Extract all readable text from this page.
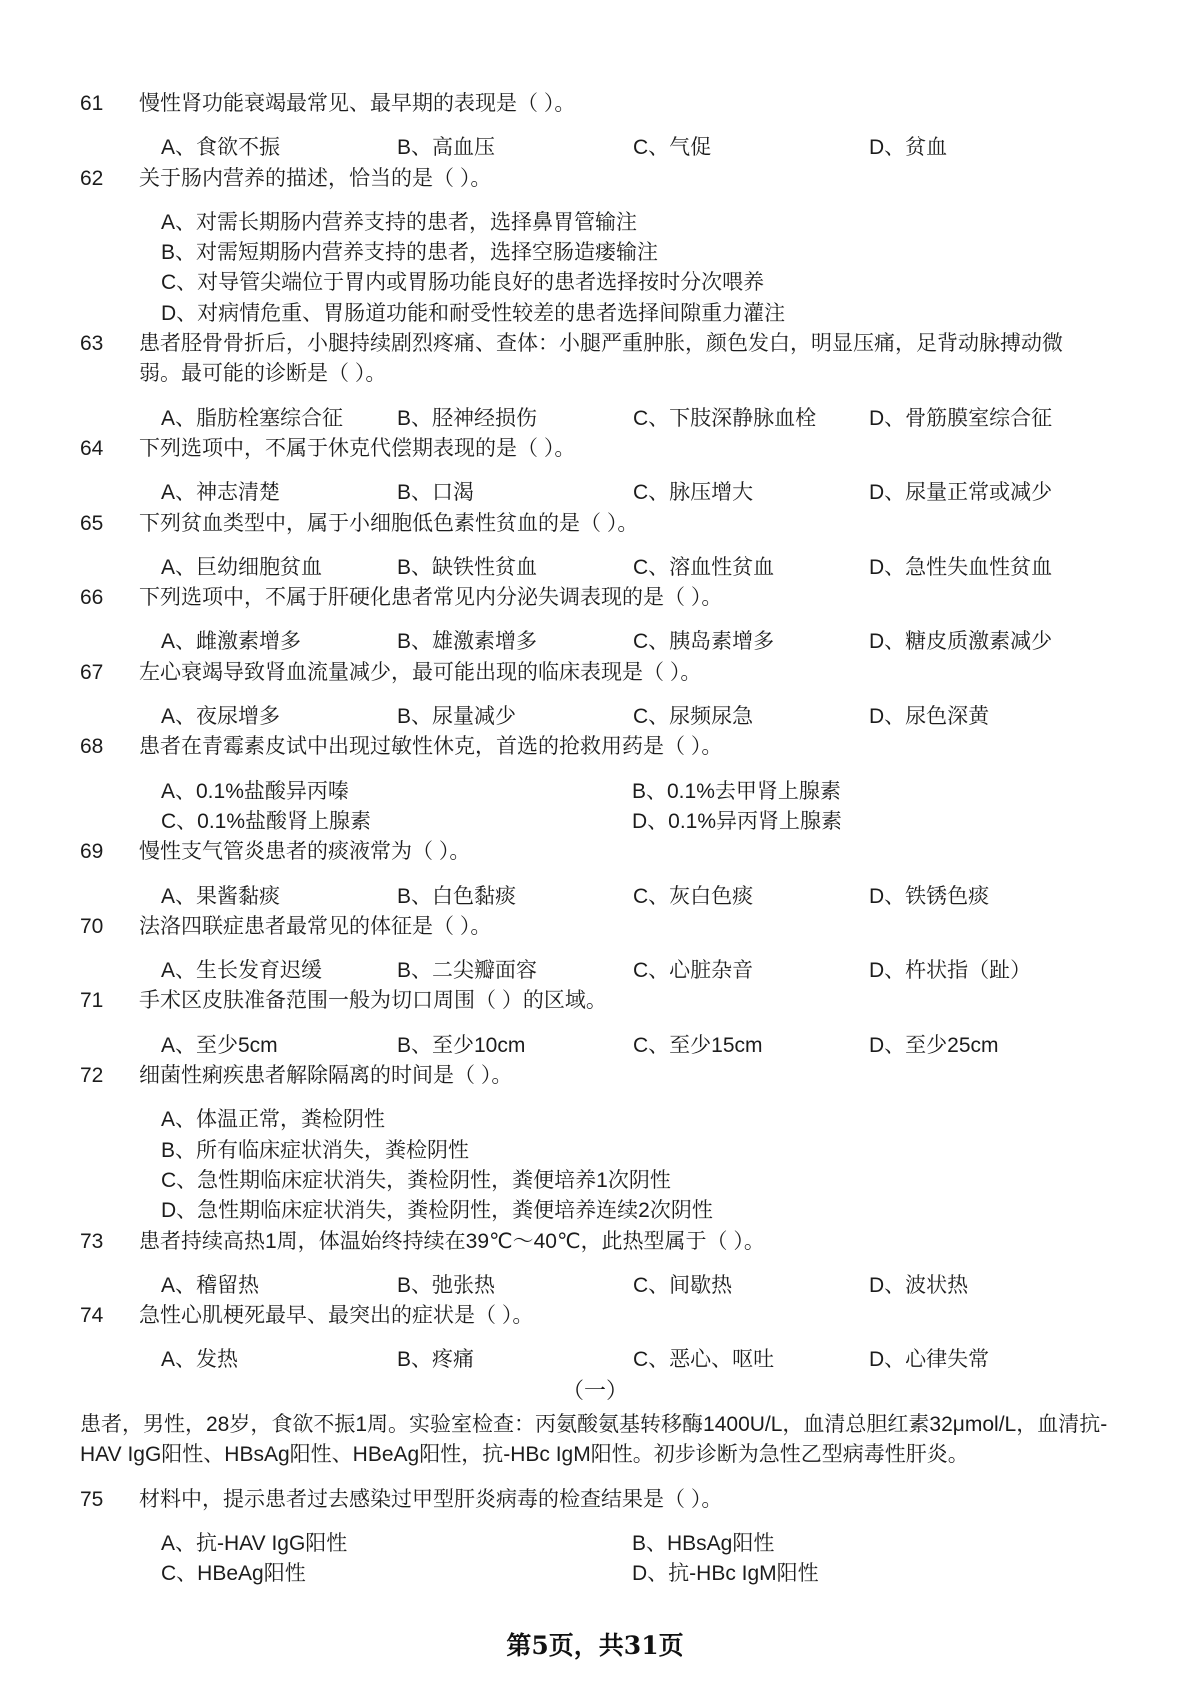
61	慢性肾功能衰竭最常见、最早期的表现是（ ）。
A、食欲不振	B、高血压	C、气促	D、贫血
62	关于肠内营养的描述，恰当的是（ ）。
A、对需长期肠内营养支持的患者，选择鼻胃管输注
B、对需短期肠内营养支持的患者，选择空肠造瘘输注
C、对导管尖端位于胃内或胃肠功能良好的患者选择按时分次喂养
D、对病情危重、胃肠道功能和耐受性较差的患者选择间隙重力灌注
63	患者胫骨骨折后，小腿持续剧烈疼痛、查体：小腿严重肿胀，颜色发白，明显压痛，足背动脉搏动微
弱。最可能的诊断是（ ）。
A、脂肪栓塞综合征	B、胫神经损伤	C、下肢深静脉血栓	D、骨筋膜室综合征
64	下列选项中，不属于休克代偿期表现的是（ ）。
A、神志清楚	B、口渴	C、脉压增大	D、尿量正常或减少
65	下列贫血类型中，属于小细胞低色素性贫血的是（ ）。
A、巨幼细胞贫血	B、缺铁性贫血	C、溶血性贫血	D、急性失血性贫血
66	下列选项中，不属于肝硬化患者常见内分泌失调表现的是（ ）。
A、雌激素增多	B、雄激素增多	C、胰岛素增多	D、糖皮质激素减少
67	左心衰竭导致肾血流量减少，最可能出现的临床表现是（ ）。
A、夜尿增多	B、尿量减少	C、尿频尿急	D、尿色深黄
68	患者在青霉素皮试中出现过敏性休克，首选的抢救用药是（ ）。
A、0.1%盐酸异丙嗪	B、0.1%去甲肾上腺素
C、0.1%盐酸肾上腺素	D、0.1%异丙肾上腺素
69	慢性支气管炎患者的痰液常为（ ）。
A、果酱黏痰	B、白色黏痰	C、灰白色痰	D、铁锈色痰
70	法洛四联症患者最常见的体征是（ ）。
A、生长发育迟缓	B、二尖瓣面容	C、心脏杂音	D、杵状指（趾）
71	手术区皮肤准备范围一般为切口周围（ ）的区域。
A、至少5cm	B、至少10cm	C、至少15cm	D、至少25cm
72	细菌性痢疾患者解除隔离的时间是（ ）。
A、体温正常，粪检阴性
B、所有临床症状消失，粪检阴性
C、急性期临床症状消失，粪检阴性，粪便培养1次阴性
D、急性期临床症状消失，粪检阴性，粪便培养连续2次阴性
73	患者持续高热1周，体温始终持续在39℃～40℃，此热型属于（ ）。
A、稽留热	B、弛张热	C、间歇热	D、波状热
74	急性心肌梗死最早、最突出的症状是（ ）。
A、发热	B、疼痛	C、恶心、呕吐	D、心律失常
（一）
患者，男性，28岁，食欲不振1周。实验室检查：丙氨酸氨基转移酶1400U/L，血清总胆红素32μmol/L，血清抗-
HAV IgG阳性、HBsAg阳性、HBeAg阳性，抗-HBc IgM阳性。初步诊断为急性乙型病毒性肝炎。
75	材料中，提示患者过去感染过甲型肝炎病毒的检查结果是（ ）。
A、抗-HAV IgG阳性	B、HBsAg阳性
C、HBeAg阳性	D、抗-HBc IgM阳性
第5页，共31页
